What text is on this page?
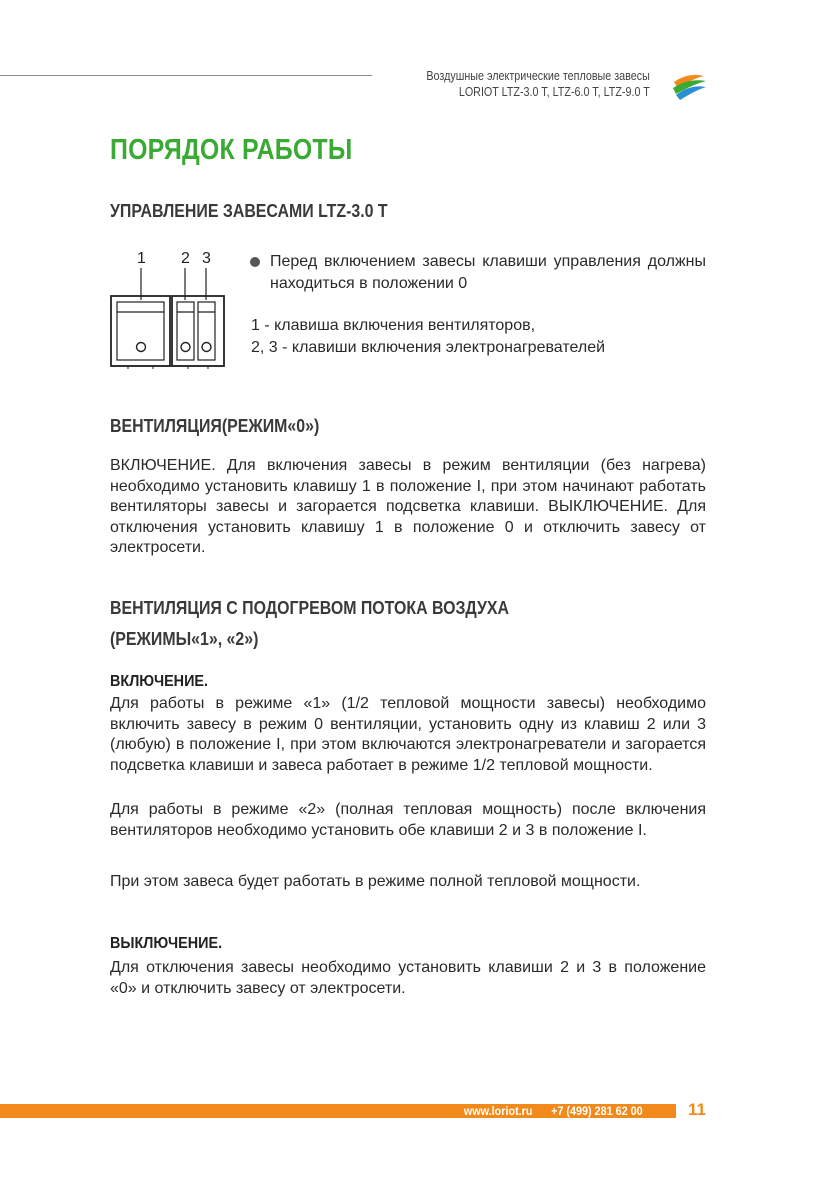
Воздушные электрические тепловые завесы
LORIOT LTZ-3.0 T, LTZ-6.0 T, LTZ-9.0 T
ПОРЯДОК РАБОТЫ
УПРАВЛЕНИЕ ЗАВЕСАМИ LTZ-3.0 T
1 2 3	Перед включением завесы клавиши управления должны находиться в положении 0
1 - клавиша включения вентиляторов,
2, 3 - клавиши включения электронагревателей
ВЕНТИЛЯЦИЯ(РЕЖИМ«0»)
ВКЛЮЧЕНИЕ. Для включения завесы в режим вентиляции (без нагрева) необходимо установить клавишу 1 в положение I, при этом начинают работать вентиляторы завесы и загорается подсветка клавиши. ВЫКЛЮЧЕНИЕ. Для отключения установить клавишу 1 в положение 0 и отключить завесу от электросети.
ВЕНТИЛЯЦИЯ С ПОДОГРЕВОМ ПОТОКА ВОЗДУХА
(РЕЖИМЫ«1», «2»)
ВКЛЮЧЕНИЕ.
Для работы в режиме «1» (1/2 тепловой мощности завесы) необходимо включить завесу в режим 0 вентиляции, установить одну из клавиш 2 или 3 (любую) в положение I, при этом включаются электронагреватели и загорается подсветка клавиши и завеса работает в режиме 1/2 тепловой мощности.
Для работы в режиме «2» (полная тепловая мощность) после включения вентиляторов необходимо установить обе клавиши 2 и 3 в положение I.
При этом завеса будет работать в режиме полной тепловой мощности.
ВЫКЛЮЧЕНИЕ.
Для отключения завесы необходимо установить клавиши 2 и 3 в положение «0» и отключить завесу от электросети.
www.loriot.ru +7 (499) 281 62 00	11
